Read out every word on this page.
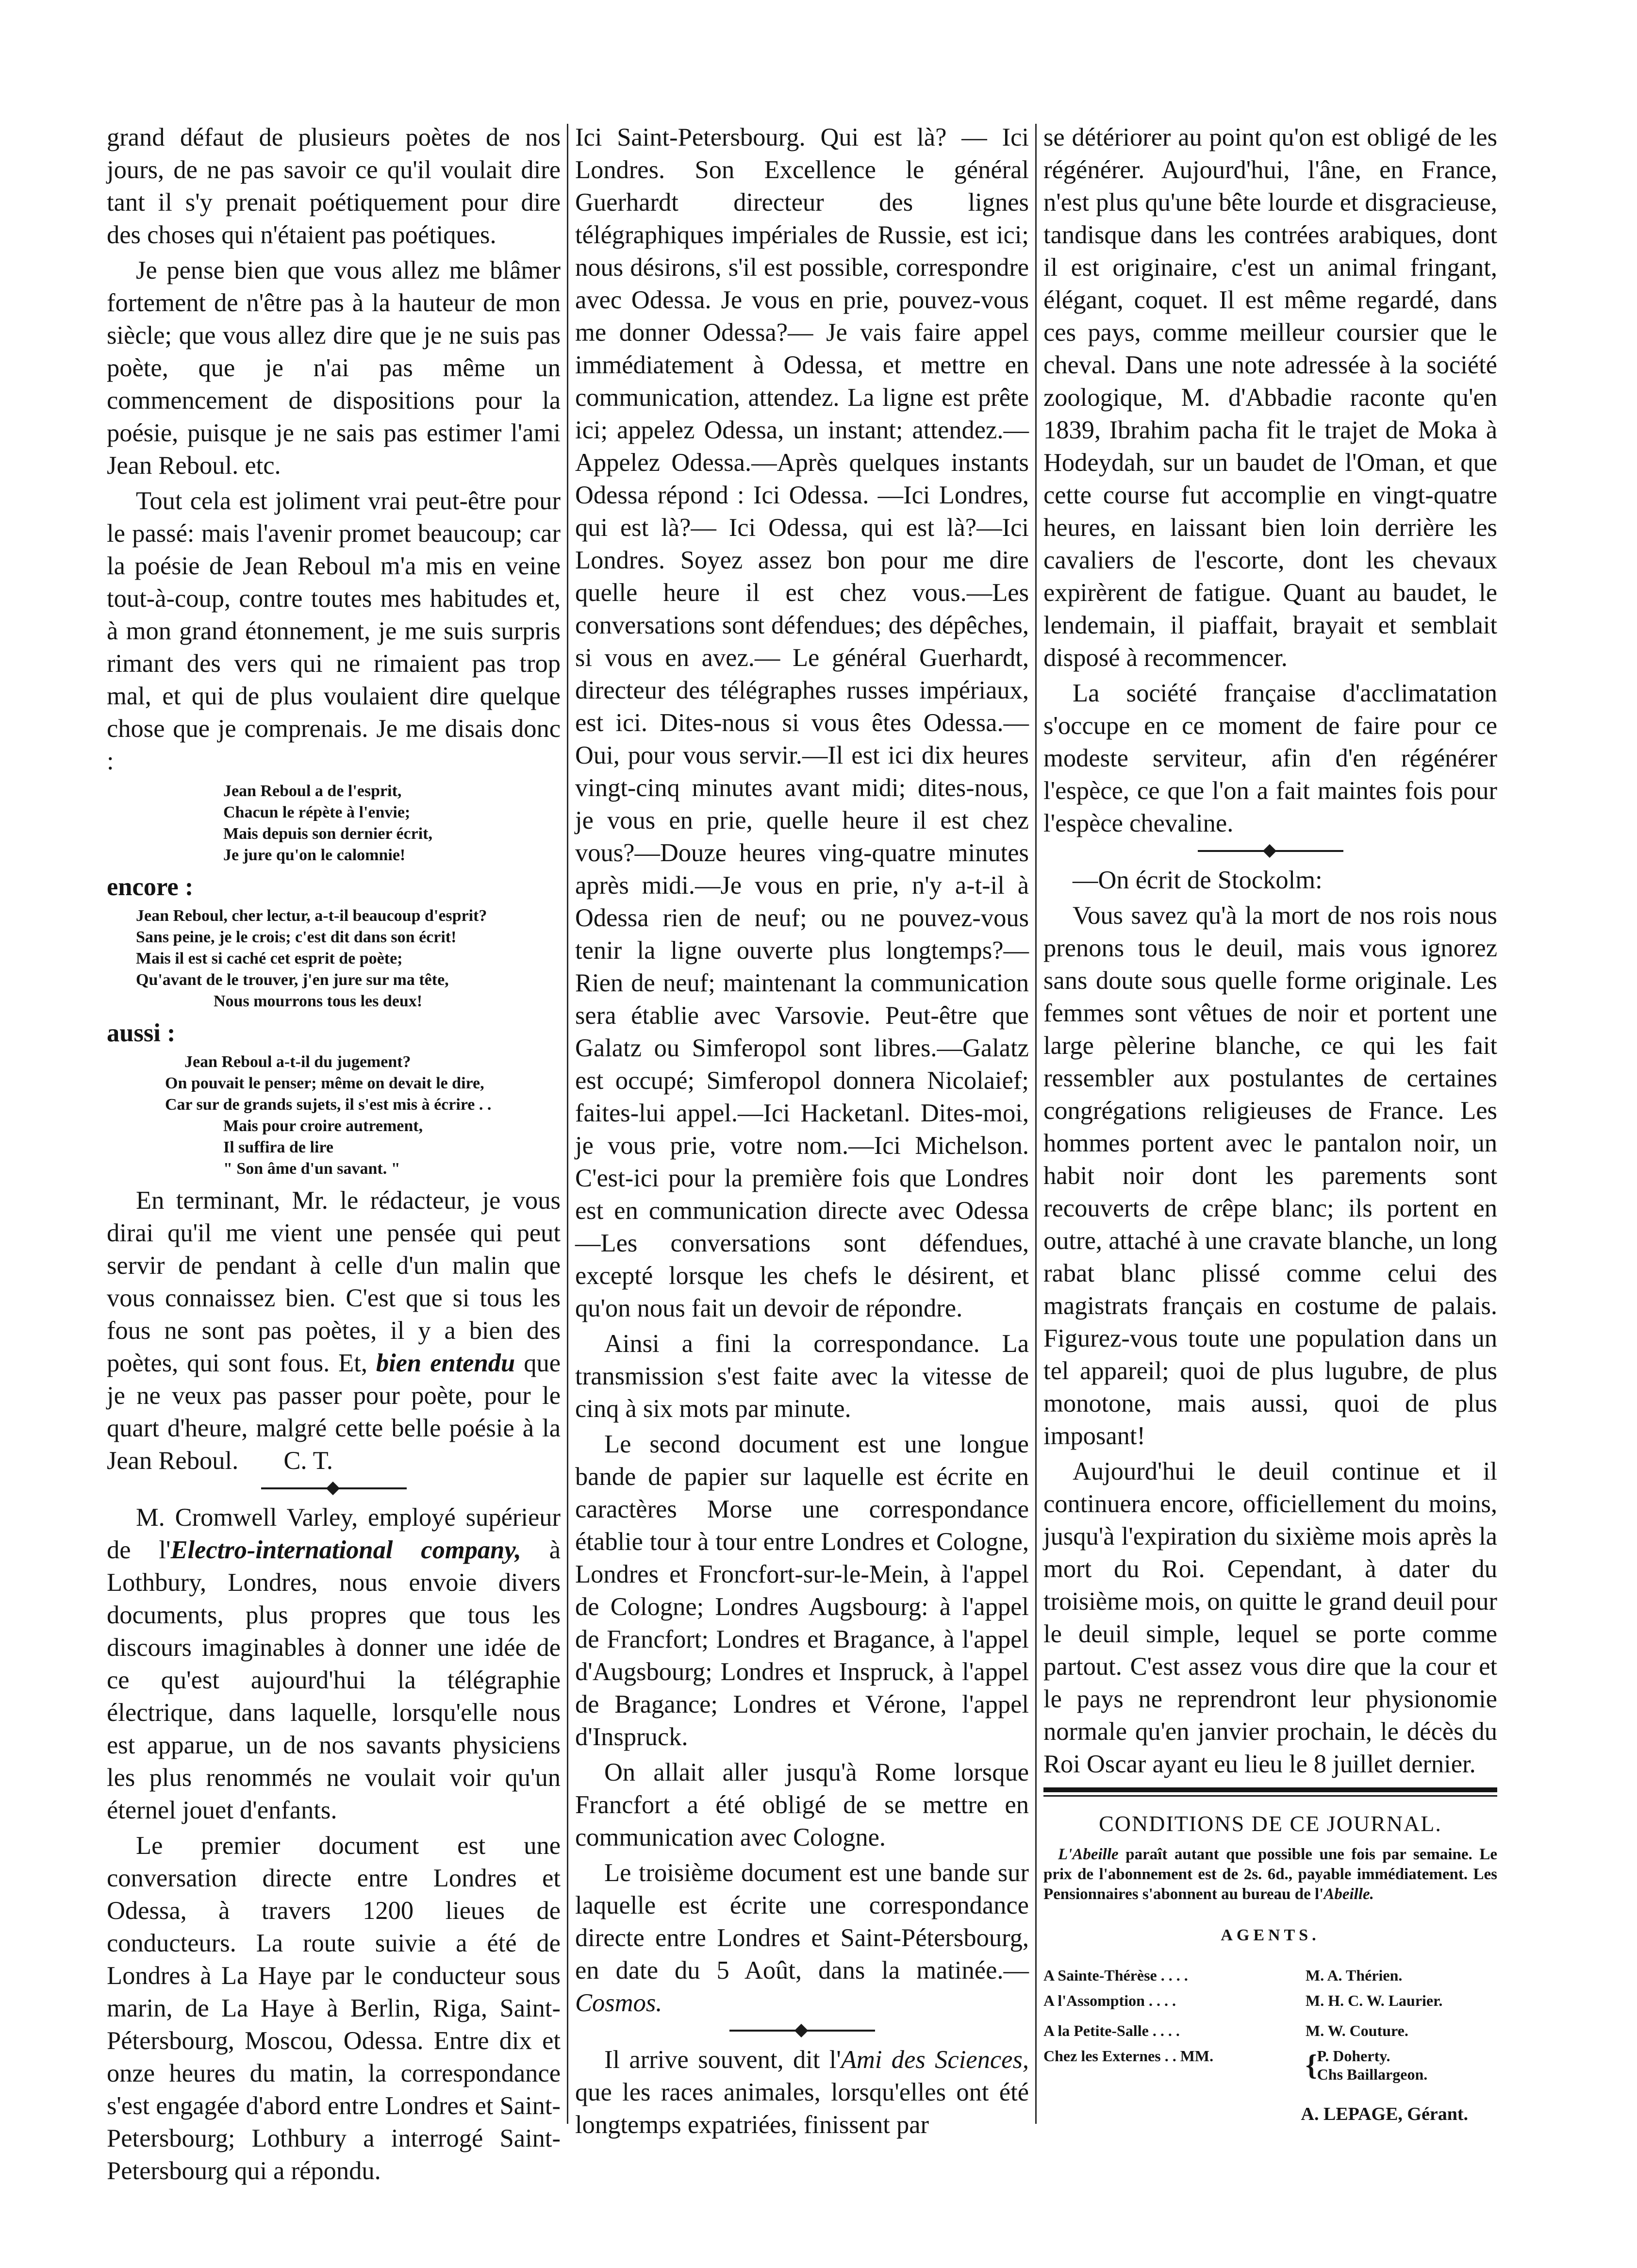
grand défaut de plusieurs poètes de nos jours, de ne pas savoir ce qu'il voulait dire tant il s'y prenait poétiquement pour dire des choses qui n'étaient pas poétiques.

Je pense bien que vous allez me blâmer fortement de n'être pas à la hauteur de mon siècle; que vous allez dire que je ne suis pas poète, que je n'ai pas même un commencement de dispositions pour la poésie, puisque je ne sais pas estimer l'ami Jean Reboul. etc.

Tout cela est joliment vrai peut-être pour le passé: mais l'avenir promet beaucoup; car la poésie de Jean Reboul m'a mis en veine tout-à-coup, contre toutes mes habitudes et, à mon grand étonnement, je me suis surpris rimant des vers qui ne rimaient pas trop mal, et qui de plus voulaient dire quelque chose que je comprenais. Je me disais donc :

Jean Reboul a de l'esprit,
Chacun le répète à l'envie;
Mais depuis son dernier écrit,
Je jure qu'on le calomnie!
encore :
Jean Reboul, cher lectur, a-t-il beaucoup d'esprit?
Sans peine, je le crois; c'est dit dans son écrit!
Mais il est si caché cet esprit de poète;
Qu'avant de le trouver, j'en jure sur ma tête,
Nous mourrons tous les deux!
aussi :
Jean Reboul a-t-il du jugement?
On pouvait le penser; même on devait le dire,
Car sur de grands sujets, il s'est mis à écrire . .
Mais pour croire autrement,
Il suffira de lire
" Son âme d'un savant. "

En terminant, Mr. le rédacteur, je vous dirai qu'il me vient une pensée qui peut servir de pendant à celle d'un malin que vous connaissez bien. C'est que si tous les fous ne sont pas poètes, il y a bien des poètes, qui sont fous. Et, bien entendu que je ne veux pas passer pour poète, pour le quart d'heure, malgré cette belle poésie à la Jean Reboul. C. T.

M. Cromwell Varley, employé supérieur de l'Electro-international company, à Lothbury, Londres, nous envoie divers documents, plus propres que tous les discours imaginables à donner une idée de ce qu'est aujourd'hui la télégraphie électrique, dans laquelle, lorsqu'elle nous est apparue, un de nos savants physiciens les plus renommés ne voulait voir qu'un éternel jouet d'enfants.

Le premier document est une conversation directe entre Londres et Odessa, à travers 1200 lieues de conducteurs. La route suivie a été de Londres à La Haye par le conducteur sous marin, de La Haye à Berlin, Riga, Saint-Pétersbourg, Moscou, Odessa. Entre dix et onze heures du matin, la correspondance s'est engagée d'abord entre Londres et Saint-Petersbourg; Lothbury a interrogé Saint-Petersbourg qui a répondu.

Ici Saint-Petersbourg. Qui est là? — Ici Londres. Son Excellence le général Guerhardt directeur des lignes télégraphiques impériales de Russie, est ici; nous désirons, s'il est possible, correspondre avec Odessa. Je vous en prie, pouvez-vous me donner Odessa?— Je vais faire appel immédiatement à Odessa, et mettre en communication, attendez. La ligne est prête ici; appelez Odessa, un instant; attendez.—Appelez Odessa.—Après quelques instants Odessa répond : Ici Odessa. —Ici Londres, qui est là?— Ici Odessa, qui est là?—Ici Londres. Soyez assez bon pour me dire quelle heure il est chez vous.—Les conversations sont défendues; des dépêches, si vous en avez.— Le général Guerhardt, directeur des télégraphes russes impériaux, est ici. Dites-nous si vous êtes Odessa.—Oui, pour vous servir.—Il est ici dix heures vingt-cinq minutes avant midi; dites-nous, je vous en prie, quelle heure il est chez vous?—Douze heures ving-quatre minutes après midi.—Je vous en prie, n'y a-t-il à Odessa rien de neuf; ou ne pouvez-vous tenir la ligne ouverte plus longtemps?—Rien de neuf; maintenant la communication sera établie avec Varsovie. Peut-être que Galatz ou Simferopol sont libres.—Galatz est occupé; Simferopol donnera Nicolaief; faites-lui appel.—Ici Hacketanl. Dites-moi, je vous prie, votre nom.—Ici Michelson. C'est-ici pour la première fois que Londres est en communication directe avec Odessa —Les conversations sont défendues, excepté lorsque les chefs le désirent, et qu'on nous fait un devoir de répondre.

Ainsi a fini la correspondance. La transmission s'est faite avec la vitesse de cinq à six mots par minute.

Le second document est une longue bande de papier sur laquelle est écrite en caractères Morse une correspondance établie tour à tour entre Londres et Cologne, Londres et Froncfort-sur-le-Mein, à l'appel de Cologne; Londres Augsbourg: à l'appel de Francfort; Londres et Bragance, à l'appel d'Augsbourg; Londres et Inspruck, à l'appel de Bragance; Londres et Vérone, l'appel d'Inspruck.

On allait aller jusqu'à Rome lorsque Francfort a été obligé de se mettre en communication avec Cologne.

Le troisième document est une bande sur laquelle est écrite une correspondance directe entre Londres et Saint-Pétersbourg, en date du 5 Août, dans la matinée.—Cosmos.

Il arrive souvent, dit l'Ami des Sciences, que les races animales, lorsqu'elles ont été longtemps expatriées, finissent par

se détériorer au point qu'on est obligé de les régénérer. Aujourd'hui, l'âne, en France, n'est plus qu'une bête lourde et disgracieuse, tandisque dans les contrées arabiques, dont il est originaire, c'est un animal fringant, élégant, coquet. Il est même regardé, dans ces pays, comme meilleur coursier que le cheval. Dans une note adressée à la société zoologique, M. d'Abbadie raconte qu'en 1839, Ibrahim pacha fit le trajet de Moka à Hodeydah, sur un baudet de l'Oman, et que cette course fut accomplie en vingt-quatre heures, en laissant bien loin derrière les cavaliers de l'escorte, dont les chevaux expirèrent de fatigue. Quant au baudet, le lendemain, il piaffait, brayait et semblait disposé à recommencer.

La société française d'acclimatation s'occupe en ce moment de faire pour ce modeste serviteur, afin d'en régénérer l'espèce, ce que l'on a fait maintes fois pour l'espèce chevaline.

—On écrit de Stockolm:

Vous savez qu'à la mort de nos rois nous prenons tous le deuil, mais vous ignorez sans doute sous quelle forme originale. Les femmes sont vêtues de noir et portent une large pèlerine blanche, ce qui les fait ressembler aux postulantes de certaines congrégations religieuses de France. Les hommes portent avec le pantalon noir, un habit noir dont les parements sont recouverts de crêpe blanc; ils portent en outre, attaché à une cravate blanche, un long rabat blanc plissé comme celui des magistrats français en costume de palais. Figurez-vous toute une population dans un tel appareil; quoi de plus lugubre, de plus monotone, mais aussi, quoi de plus imposant!

Aujourd'hui le deuil continue et il continuera encore, officiellement du moins, jusqu'à l'expiration du sixième mois après la mort du Roi. Cependant, à dater du troisième mois, on quitte le grand deuil pour le deuil simple, lequel se porte comme partout. C'est assez vous dire que la cour et le pays ne reprendront leur physionomie normale qu'en janvier prochain, le décès du Roi Oscar ayant eu lieu le 8 juillet dernier.

CONDITIONS DE CE JOURNAL.

L'Abeille paraît autant que possible une fois par semaine. Le prix de l'abonnement est de 2s. 6d., payable immédiatement. Les Pensionnaires s'abonnent au bureau de l'Abeille.

AGENTS.
A Sainte-Thérèse . . . .	M. A. Thérien.
A l'Assomption . . . .	M. H. C. W. Laurier.
A la Petite-Salle . . . .	M. W. Couture.
Chez les Externes . . MM.	{ P. Doherty.
Chs Baillargeon.
A. LEPAGE, Gérant.
